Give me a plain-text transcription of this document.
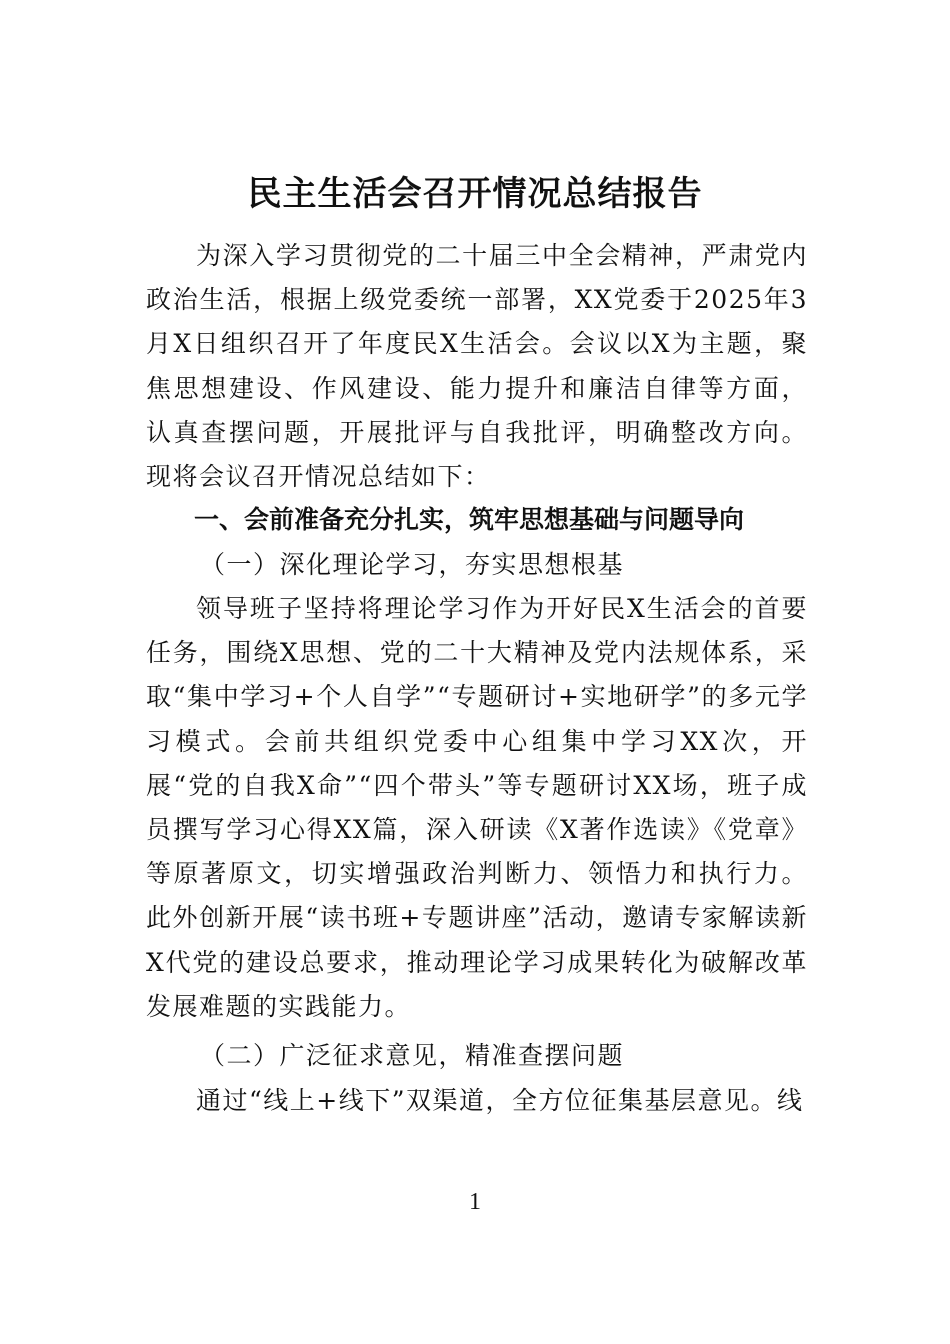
民主生活会召开情况总结报告

为深入学习贯彻党的二十届三中全会精神，严肃党内政治生活，根据上级党委统一部署，XX党委于2025年3月X日组织召开了年度民X生活会。会议以X为主题，聚焦思想建设、作风建设、能力提升和廉洁自律等方面，认真查摆问题，开展批评与自我批评，明确整改方向。现将会议召开情况总结如下：

一、会前准备充分扎实，筑牢思想基础与问题导向
（一）深化理论学习，夯实思想根基

领导班子坚持将理论学习作为开好民X生活会的首要任务，围绕X思想、党的二十大精神及党内法规体系，采取“集中学习+个人自学”“专题研讨+实地研学”的多元学习模式。会前共组织党委中心组集中学习XX次，开展“党的自我X命”“四个带头”等专题研讨XX场，班子成员撰写学习心得XX篇，深入研读《X著作选读》《党章》等原著原文，切实增强政治判断力、领悟力和执行力。此外创新开展“读书班+专题讲座”活动，邀请专家解读新X代党的建设总要求，推动理论学习成果转化为破解改革发展难题的实践能力。

（二）广泛征求意见，精准查摆问题

通过“线上+线下”双渠道，全方位征集基层意见。线

1
